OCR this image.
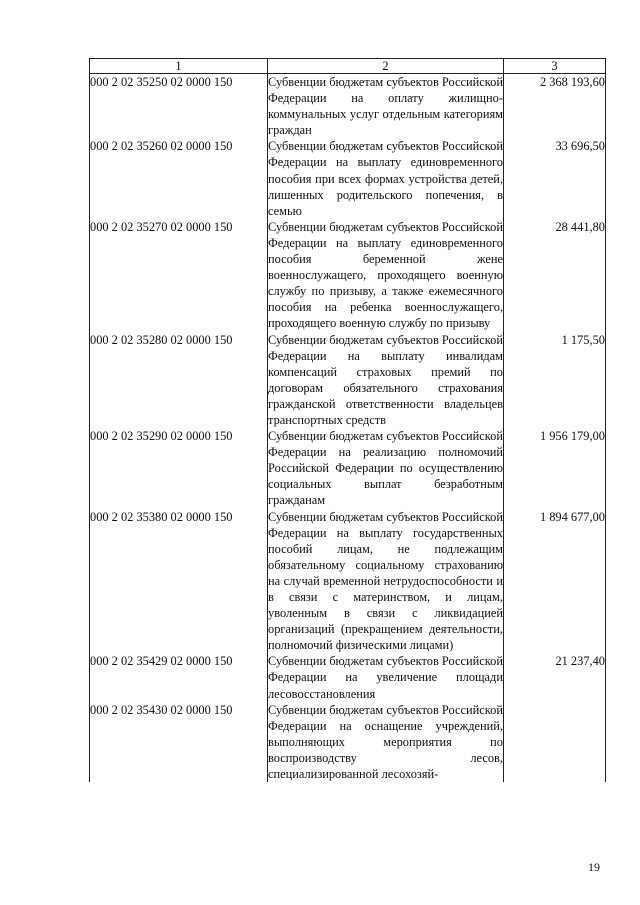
1	2	3
000 2 02 35250 02 0000 150	Субвенции бюджетам субъектов Российской Федерации на оплату жилищно-коммунальных услуг отдельным категориям граждан	2 368 193,60
000 2 02 35260 02 0000 150	Субвенции бюджетам субъектов Российской Федерации на выплату единовременного пособия при всех формах устройства детей, лишенных родительского попечения, в семью	33 696,50
000 2 02 35270 02 0000 150	Субвенции бюджетам субъектов Российской Федерации на выплату единовременного пособия беременной жене военнослужащего, проходящего военную службу по призыву, а также ежемесячного пособия на ребенка военнослужащего, проходящего военную службу по призыву	28 441,80
000 2 02 35280 02 0000 150	Субвенции бюджетам субъектов Российской Федерации на выплату инвалидам компенсаций страховых премий по договорам обязательного страхования гражданской ответственности владельцев транспортных средств	1 175,50
000 2 02 35290 02 0000 150	Субвенции бюджетам субъектов Российской Федерации на реализацию полномочий Российской Федерации по осуществлению социальных выплат безработным гражданам	1 956 179,00
000 2 02 35380 02 0000 150	Субвенции бюджетам субъектов Российской Федерации на выплату государственных пособий лицам, не подлежащим обязательному социальному страхованию на случай временной нетрудоспособности и в связи с материнством, и лицам, уволенным в связи с ликвидацией организаций (прекращением деятельности, полномочий физическими лицами)	1 894 677,00
000 2 02 35429 02 0000 150	Субвенции бюджетам субъектов Российской Федерации на увеличение площади лесовосстановления	21 237,40
000 2 02 35430 02 0000 150	Субвенции бюджетам субъектов Российской Федерации на оснащение учреждений, выполняющих мероприятия по воспроизводству лесов, специализированной лесохозяй-	
19
